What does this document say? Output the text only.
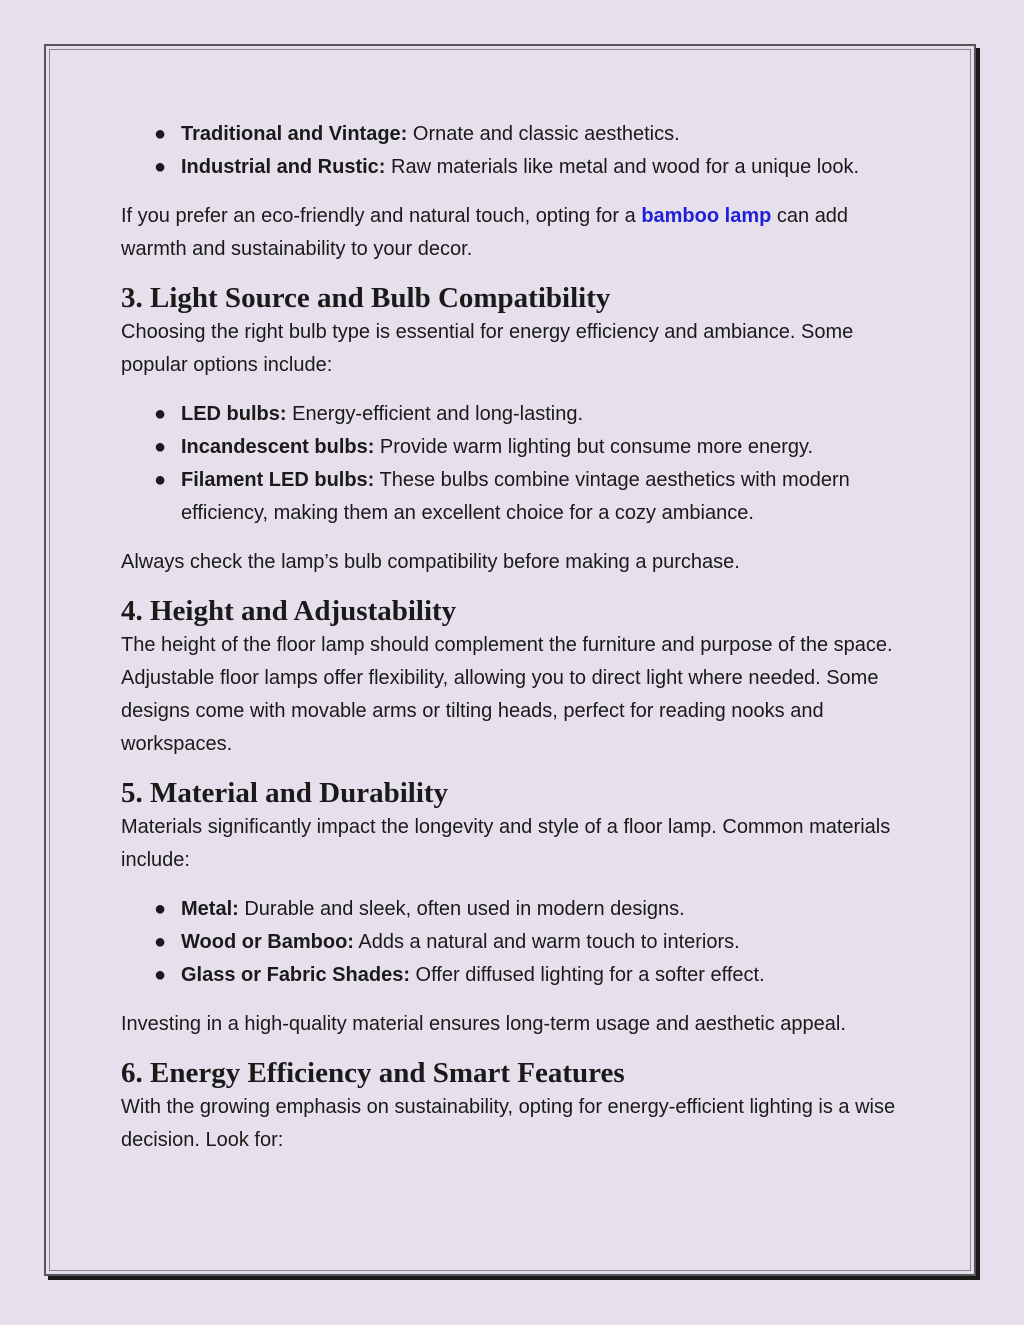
● Traditional and Vintage: Ornate and classic aesthetics.
● Industrial and Rustic: Raw materials like metal and wood for a unique look.

If you prefer an eco-friendly and natural touch, opting for a bamboo lamp can add warmth and sustainability to your decor.

3. Light Source and Bulb Compatibility

Choosing the right bulb type is essential for energy efficiency and ambiance. Some popular options include:

● LED bulbs: Energy-efficient and long-lasting.
● Incandescent bulbs: Provide warm lighting but consume more energy.
● Filament LED bulbs: These bulbs combine vintage aesthetics with modern efficiency, making them an excellent choice for a cozy ambiance.

Always check the lamp’s bulb compatibility before making a purchase.

4. Height and Adjustability

The height of the floor lamp should complement the furniture and purpose of the space. Adjustable floor lamps offer flexibility, allowing you to direct light where needed. Some designs come with movable arms or tilting heads, perfect for reading nooks and workspaces.

5. Material and Durability

Materials significantly impact the longevity and style of a floor lamp. Common materials include:

● Metal: Durable and sleek, often used in modern designs.
● Wood or Bamboo: Adds a natural and warm touch to interiors.
● Glass or Fabric Shades: Offer diffused lighting for a softer effect.

Investing in a high-quality material ensures long-term usage and aesthetic appeal.

6. Energy Efficiency and Smart Features

With the growing emphasis on sustainability, opting for energy-efficient lighting is a wise decision. Look for:
